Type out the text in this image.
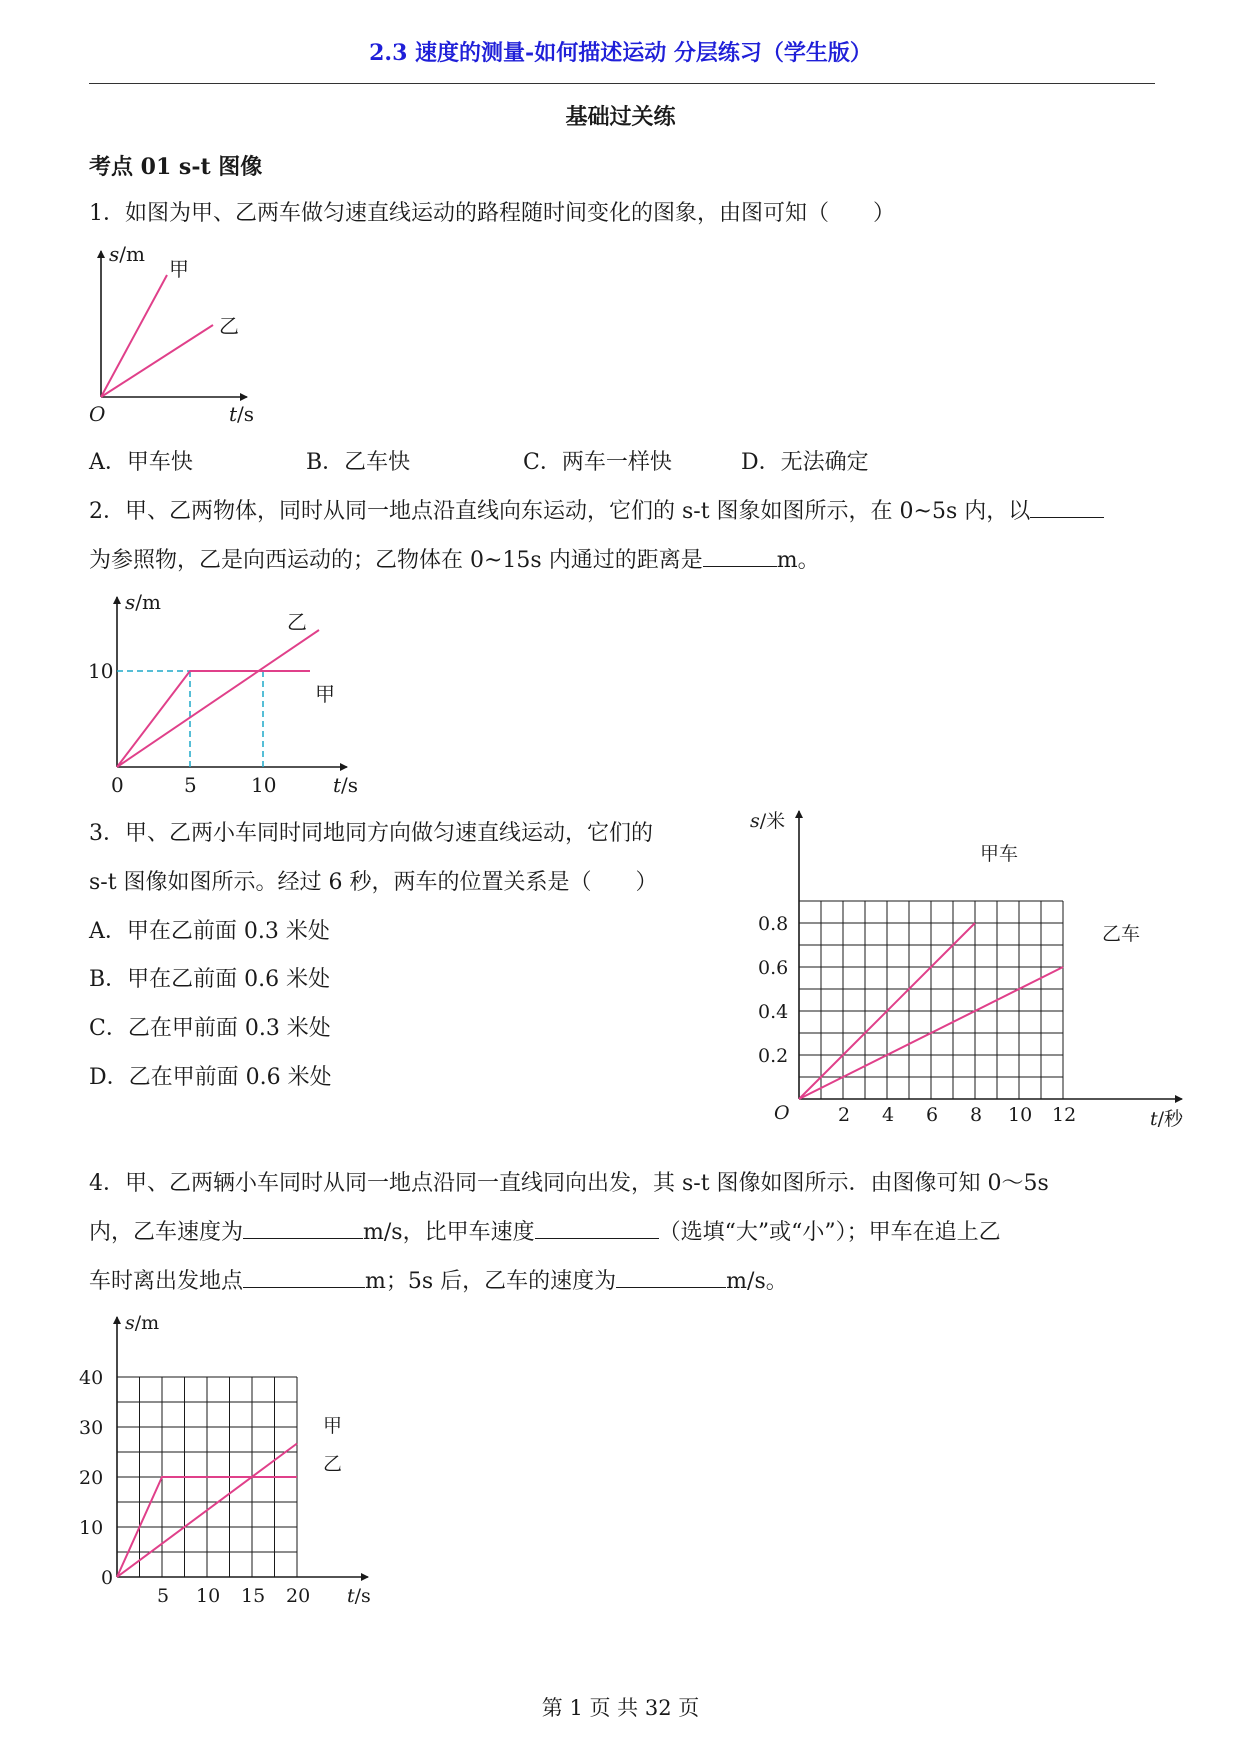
2.3 速度的测量-如何描述运动 分层练习（学生版）
基础过关练
考点 01 s-t 图像
1．如图为甲、乙两车做匀速直线运动的路程随时间变化的图象，由图可知（　　）
s/m
t/s
O
甲
乙
A．甲车快	B．乙车快	C．两车一样快	D．无法确定
2．甲、乙两物体，同时从同一地点沿直线向东运动，它们的 s-t 图象如图所示，在 0~5s 内，以
为参照物，乙是向西运动的；乙物体在 0~15s 内通过的距离是	m。
s/m
t/s
10
0	5	10
乙
甲
3．甲、乙两小车同时同地同方向做匀速直线运动，它们的
s-t 图像如图所示。经过 6 秒，两车的位置关系是（　　）
A．甲在乙前面 0.3 米处
B．甲在乙前面 0.6 米处
C．乙在甲前面 0.3 米处
D．乙在甲前面 0.6 米处
s/米
t/秒
O	2 4 6 8 10 12
0.2
0.4
0.6
0.8
甲车
乙车
4．甲、乙两辆小车同时从同一地点沿同一直线同向出发，其 s-t 图像如图所示．由图像可知 0～5s
内，乙车速度为	m/s，比甲车速度	（选填“大”或“小”）；甲车在追上乙
车时离出发地点	m；5s 后，乙车的速度为	m/s。
s/m
t/s
0
5 10 15 20
10
20
30
40
甲
乙
第 1 页 共 32 页
